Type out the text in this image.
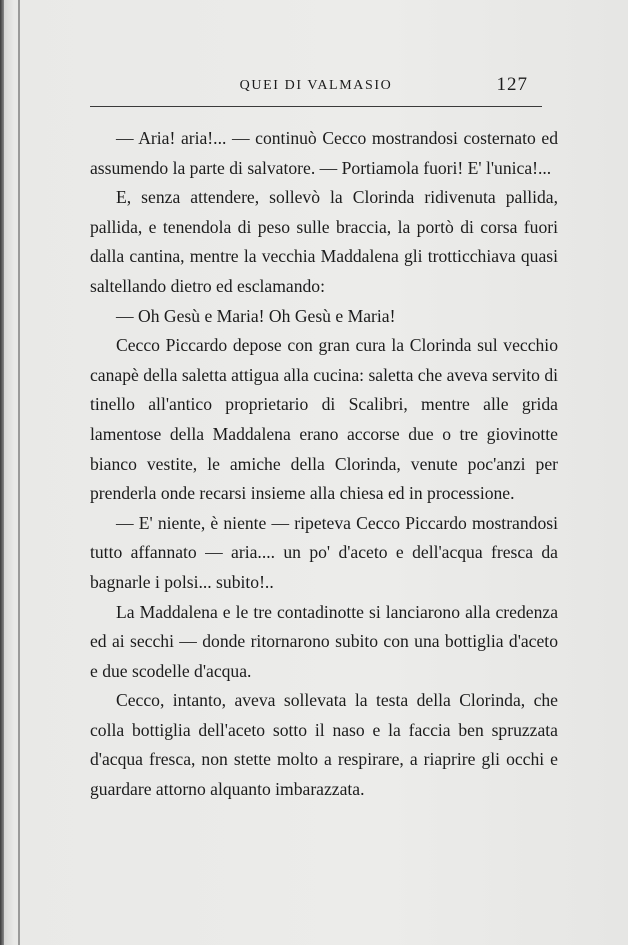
QUEI DI VALMASIO	127

— Aria! aria!... — continuò Cecco mostrandosi costernato ed assumendo la parte di salvatore. — Portiamola fuori! E' l'unica!...

E, senza attendere, sollevò la Clorinda ridivenuta pallida, pallida, e tenendola di peso sulle braccia, la portò di corsa fuori dalla cantina, mentre la vecchia Maddalena gli trotticchiava quasi saltellando dietro ed esclamando:

— Oh Gesù e Maria! Oh Gesù e Maria!

Cecco Piccardo depose con gran cura la Clorinda sul vecchio canapè della saletta attigua alla cucina: saletta che aveva servito di tinello all'antico proprietario di Scalibri, mentre alle grida lamentose della Maddalena erano accorse due o tre giovinotte bianco vestite, le amiche della Clorinda, venute poc'anzi per prenderla onde recarsi insieme alla chiesa ed in processione.

— E' niente, è niente — ripeteva Cecco Piccardo mostrandosi tutto affannato — aria.... un po' d'aceto e dell'acqua fresca da bagnarle i polsi... subito!..

La Maddalena e le tre contadinotte si lanciarono alla credenza ed ai secchi — donde ritornarono subito con una bottiglia d'aceto e due scodelle d'acqua.

Cecco, intanto, aveva sollevata la testa della Clorinda, che colla bottiglia dell'aceto sotto il naso e la faccia ben spruzzata d'acqua fresca, non stette molto a respirare, a riaprire gli occhi e guardare attorno alquanto imbarazzata.
